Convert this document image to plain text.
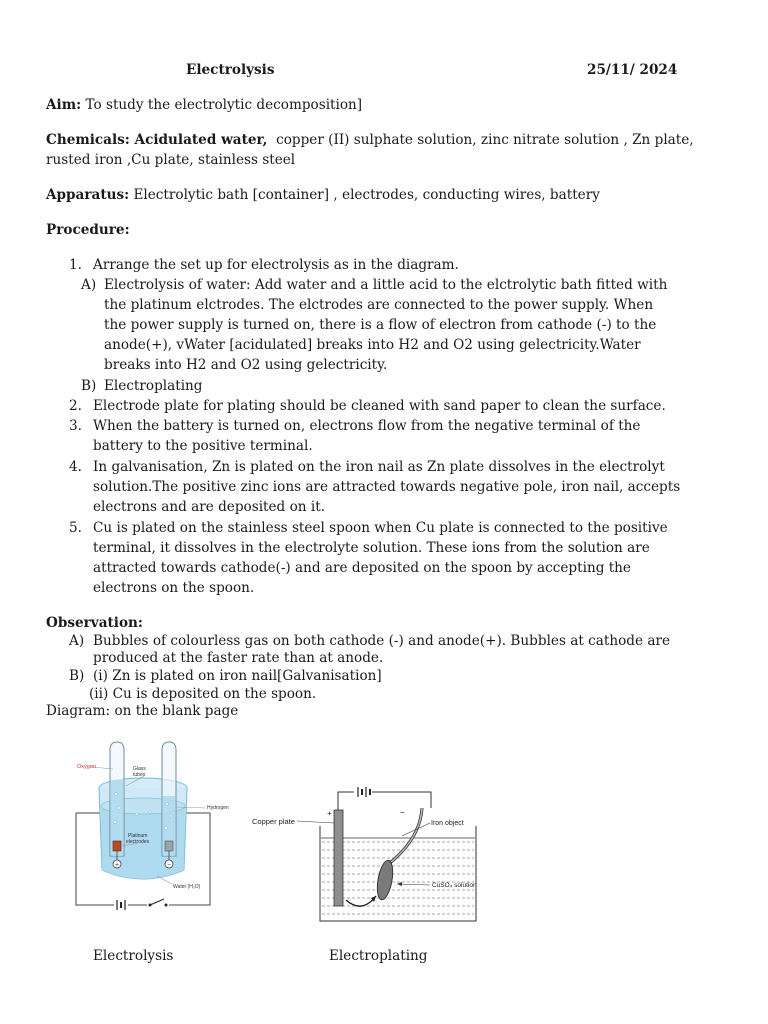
Electrolysis	25/11/ 2024
Aim: To study the electrolytic decomposition]
Chemicals: Acidulated water, copper (II) sulphate solution, zinc nitrate solution , Zn plate,
rusted iron ,Cu plate, stainless steel
Apparatus: Electrolytic bath [container] , electrodes, conducting wires, battery
Procedure:
1. Arrange the set up for electrolysis as in the diagram.
A) Electrolysis of water: Add water and a little acid to the elctrolytic bath fitted with
the platinum elctrodes. The elctrodes are connected to the power supply. When
the power supply is turned on, there is a flow of electron from cathode (-) to the
anode(+), vWater [acidulated] breaks into H2 and O2 using gelectricity.Water
breaks into H2 and O2 using gelectricity.
B) Electroplating
2. Electrode plate for plating should be cleaned with sand paper to clean the surface.
3. When the battery is turned on, electrons flow from the negative terminal of the
battery to the positive terminal.
4. In galvanisation, Zn is plated on the iron nail as Zn plate dissolves in the electrolyt
solution.The positive zinc ions are attracted towards negative pole, iron nail, accepts
electrons and are deposited on it.
5. Cu is plated on the stainless steel spoon when Cu plate is connected to the positive
terminal, it dissolves in the electrolyte solution. These ions from the solution are
attracted towards cathode(-) and are deposited on the spoon by accepting the
electrons on the spoon.
Observation:
A) Bubbles of colourless gas on both cathode (-) and anode(+). Bubbles at cathode are
produced at the faster rate than at anode.
B) (i) Zn is plated on iron nail[Galvanisation]
(ii) Cu is deposited on the spoon.
Diagram: on the blank page
+	−
Oxygen	Glass
tubes
Hydrogen
Platinum
electrodes
Water (H₂O)
+	−
Copper plate	Iron object
CuSO₄ solution
Electrolysis	Electroplating
